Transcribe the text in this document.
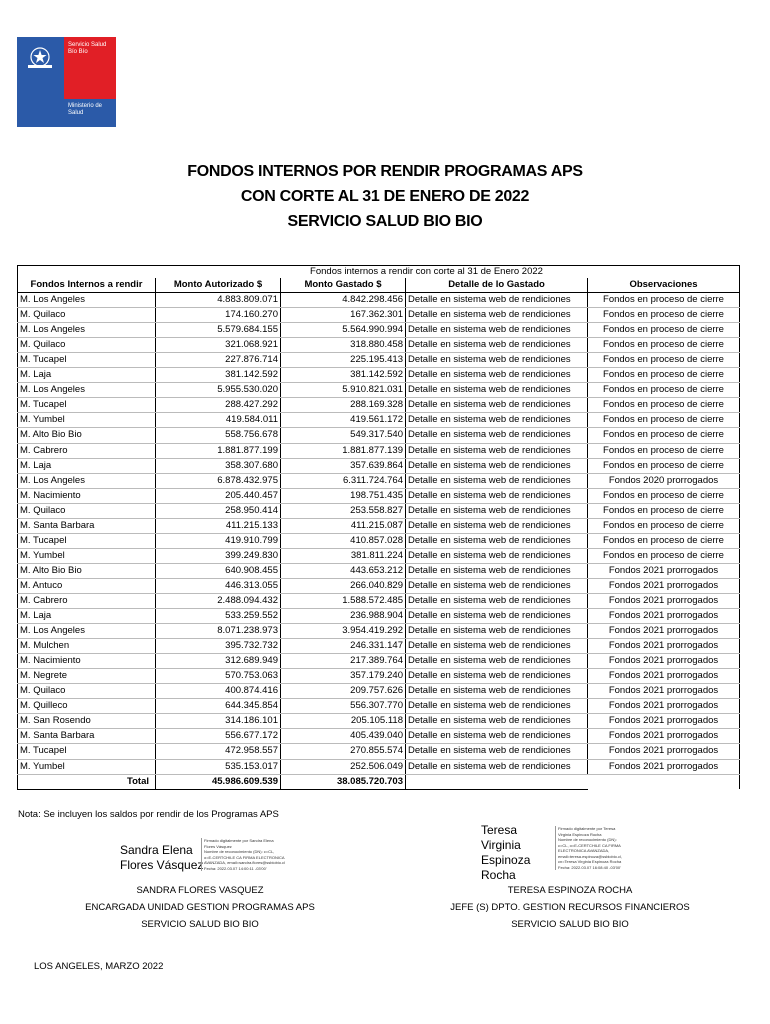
Servicio Salud
Bío Bío
Ministerio de
Salud
FONDOS INTERNOS POR RENDIR PROGRAMAS APS
CON CORTE AL 31 DE ENERO DE 2022
SERVICIO SALUD BIO BIO
Fondos internos a rendir con corte al 31 de Enero 2022
Fondos Internos a rendir	Monto Autorizado $	Monto Gastado $	Detalle de lo Gastado	Observaciones
M. Los Angeles	4.883.809.071	4.842.298.456	Detalle en sistema web de rendiciones	Fondos en proceso de cierre
M. Quilaco	174.160.270	167.362.301	Detalle en sistema web de rendiciones	Fondos en proceso de cierre
M. Los Angeles	5.579.684.155	5.564.990.994	Detalle en sistema web de rendiciones	Fondos en proceso de cierre
M. Quilaco	321.068.921	318.880.458	Detalle en sistema web de rendiciones	Fondos en proceso de cierre
M. Tucapel	227.876.714	225.195.413	Detalle en sistema web de rendiciones	Fondos en proceso de cierre
M. Laja	381.142.592	381.142.592	Detalle en sistema web de rendiciones	Fondos en proceso de cierre
M. Los Angeles	5.955.530.020	5.910.821.031	Detalle en sistema web de rendiciones	Fondos en proceso de cierre
M. Tucapel	288.427.292	288.169.328	Detalle en sistema web de rendiciones	Fondos en proceso de cierre
M. Yumbel	419.584.011	419.561.172	Detalle en sistema web de rendiciones	Fondos en proceso de cierre
M. Alto Bio Bio	558.756.678	549.317.540	Detalle en sistema web de rendiciones	Fondos en proceso de cierre
M. Cabrero	1.881.877.199	1.881.877.139	Detalle en sistema web de rendiciones	Fondos en proceso de cierre
M. Laja	358.307.680	357.639.864	Detalle en sistema web de rendiciones	Fondos en proceso de cierre
M. Los Angeles	6.878.432.975	6.311.724.764	Detalle en sistema web de rendiciones	Fondos 2020 prorrogados
M. Nacimiento	205.440.457	198.751.435	Detalle en sistema web de rendiciones	Fondos en proceso de cierre
M. Quilaco	258.950.414	253.558.827	Detalle en sistema web de rendiciones	Fondos en proceso de cierre
M. Santa Barbara	411.215.133	411.215.087	Detalle en sistema web de rendiciones	Fondos en proceso de cierre
M. Tucapel	419.910.799	410.857.028	Detalle en sistema web de rendiciones	Fondos en proceso de cierre
M. Yumbel	399.249.830	381.811.224	Detalle en sistema web de rendiciones	Fondos en proceso de cierre
M. Alto Bio Bio	640.908.455	443.653.212	Detalle en sistema web de rendiciones	Fondos 2021 prorrogados
M. Antuco	446.313.055	266.040.829	Detalle en sistema web de rendiciones	Fondos 2021 prorrogados
M. Cabrero	2.488.094.432	1.588.572.485	Detalle en sistema web de rendiciones	Fondos 2021 prorrogados
M. Laja	533.259.552	236.988.904	Detalle en sistema web de rendiciones	Fondos 2021 prorrogados
M. Los Angeles	8.071.238.973	3.954.419.292	Detalle en sistema web de rendiciones	Fondos 2021 prorrogados
M. Mulchen	395.732.732	246.331.147	Detalle en sistema web de rendiciones	Fondos 2021 prorrogados
M. Nacimiento	312.689.949	217.389.764	Detalle en sistema web de rendiciones	Fondos 2021 prorrogados
M. Negrete	570.753.063	357.179.240	Detalle en sistema web de rendiciones	Fondos 2021 prorrogados
M. Quilaco	400.874.416	209.757.626	Detalle en sistema web de rendiciones	Fondos 2021 prorrogados
M. Quilleco	644.345.854	556.307.770	Detalle en sistema web de rendiciones	Fondos 2021 prorrogados
M. San Rosendo	314.186.101	205.105.118	Detalle en sistema web de rendiciones	Fondos 2021 prorrogados
M. Santa Barbara	556.677.172	405.439.040	Detalle en sistema web de rendiciones	Fondos 2021 prorrogados
M. Tucapel	472.958.557	270.855.574	Detalle en sistema web de rendiciones	Fondos 2021 prorrogados
M. Yumbel	535.153.017	252.506.049	Detalle en sistema web de rendiciones	Fondos 2021 prorrogados
Total	45.986.609.539	38.085.720.703		
Nota: Se incluyen los saldos por rendir de los Programas APS
Sandra Elena
Flores Vásquez
Firmado digitalmente por Sandra Elena
Flores Vásquez
Nombre de reconocimiento (DN): c=CL,
o=E-CERTCHILE CA FIRMA ELECTRONICA
AVANZADA, email=sandra.flores@ssbiobio.cl
Fecha: 2022.03.07 14:00:11 -03'00'
SANDRA FLORES VASQUEZ
ENCARGADA UNIDAD GESTION PROGRAMAS APS
SERVICIO SALUD BIO BIO
Teresa
Virginia
Espinoza
Rocha
Firmado digitalmente por Teresa
Virginia Espinoza Rocha
Nombre de reconocimiento (DN):
c=CL, o=E-CERTCHILE CA FIRMA
ELECTRONICA AVANZADA,
email=teresa.espinoza@ssbiobio.cl,
cn=Teresa Virginia Espinoza Rocha
Fecha: 2022.03.07 16:08:40 -03'00'
TERESA ESPINOZA ROCHA
JEFE (S) DPTO. GESTION RECURSOS FINANCIEROS
SERVICIO SALUD BIO BIO
LOS ANGELES, MARZO 2022
